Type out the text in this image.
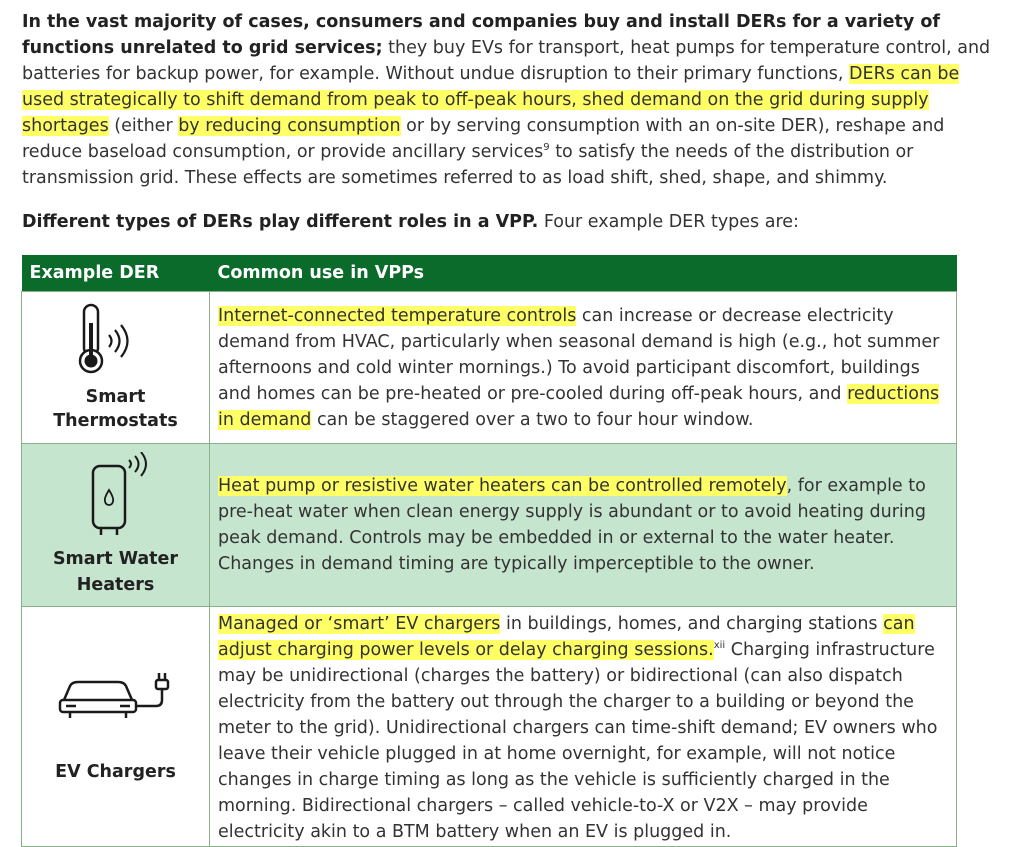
In the vast majority of cases, consumers and companies buy and install DERs for a variety of functions unrelated to grid services; they buy EVs for transport, heat pumps for temperature control, and batteries for backup power, for example. Without undue disruption to their primary functions, DERs can be used strategically to shift demand from peak to off-peak hours, shed demand on the grid during supply shortages (either by reducing consumption or by serving consumption with an on-site DER), reshape and reduce baseload consumption, or provide ancillary services$^9$ to satisfy the needs of the distribution or transmission grid. These effects are sometimes referred to as load shift, shed, shape, and shimmy.

Different types of DERs play different roles in a VPP. Four example DER types are:

Example DER	Common use in VPPs

Smart
Thermostats	Internet-connected temperature controls can increase or decrease electricity demand from HVAC, particularly when seasonal demand is high (e.g., hot summer afternoons and cold winter mornings.) To avoid participant discomfort, buildings and homes can be pre-heated or pre-cooled during off-peak hours, and reductions in demand can be staggered over a two to four hour window.

Smart Water
Heaters	Heat pump or resistive water heaters can be controlled remotely, for example to pre-heat water when clean energy supply is abundant or to avoid heating during peak demand. Controls may be embedded in or external to the water heater. Changes in demand timing are typically imperceptible to the owner.

EV Chargers	Managed or ‘smart’ EV chargers in buildings, homes, and charging stations can adjust charging power levels or delay charging sessions.$^{xii}$ Charging infrastructure may be unidirectional (charges the battery) or bidirectional (can also dispatch electricity from the battery out through the charger to a building or beyond the meter to the grid). Unidirectional chargers can time-shift demand; EV owners who leave their vehicle plugged in at home overnight, for example, will not notice changes in charge timing as long as the vehicle is sufficiently charged in the morning. Bidirectional chargers – called vehicle-to-X or V2X – may provide electricity akin to a BTM battery when an EV is plugged in.
